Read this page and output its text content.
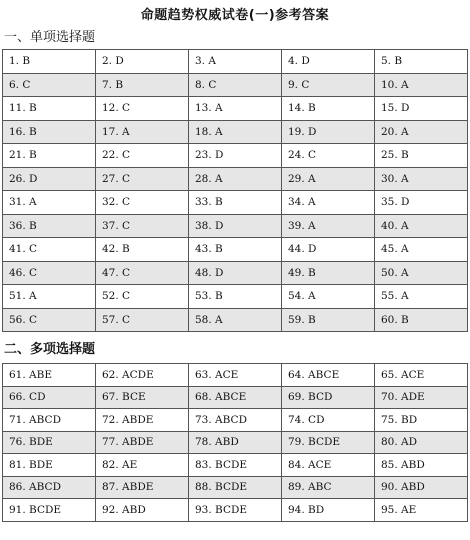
命题趋势权威试卷(一)参考答案
一、单项选择题
1. B	2. D	3. A	4. D	5. B
6. C	7. B	8. C	9. C	10. A
11. B	12. C	13. A	14. B	15. D
16. B	17. A	18. A	19. D	20. A
21. B	22. C	23. D	24. C	25. B
26. D	27. C	28. A	29. A	30. A
31. A	32. C	33. B	34. A	35. D
36. B	37. C	38. D	39. A	40. A
41. C	42. B	43. B	44. D	45. A
46. C	47. C	48. D	49. B	50. A
51. A	52. C	53. B	54. A	55. A
56. C	57. C	58. A	59. B	60. B
二、多项选择题
61. ABE	62. ACDE	63. ACE	64. ABCE	65. ACE
66. CD	67. BCE	68. ABCE	69. BCD	70. ADE
71. ABCD	72. ABDE	73. ABCD	74. CD	75. BD
76. BDE	77. ABDE	78. ABD	79. BCDE	80. AD
81. BDE	82. AE	83. BCDE	84. ACE	85. ABD
86. ABCD	87. ABDE	88. BCDE	89. ABC	90. ABD
91. BCDE	92. ABD	93. BCDE	94. BD	95. AE
